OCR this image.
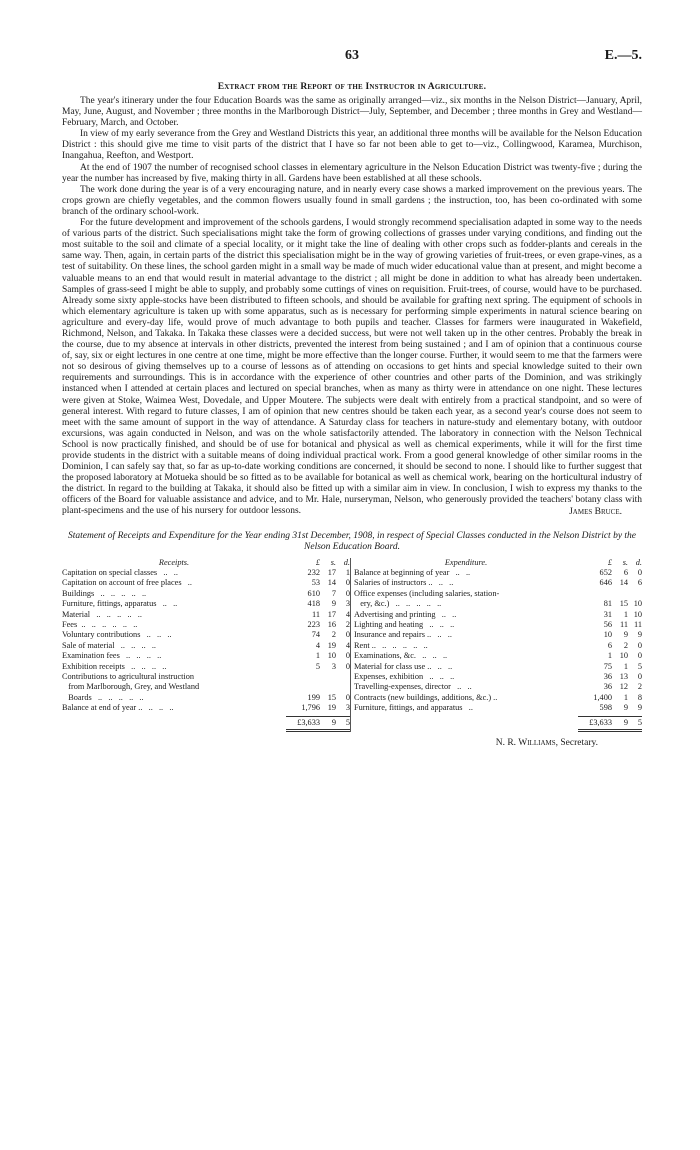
63	E.—5.
Extract from the Report of the Instructor in Agriculture.

The year's itinerary under the four Education Boards was the same as originally arranged—viz., six months in the Nelson District—January, April, May, June, August, and November ; three months in the Marlborough District—July, September, and December ; three months in Grey and Westland—February, March, and October.

In view of my early severance from the Grey and Westland Districts this year, an additional three months will be available for the Nelson Education District : this should give me time to visit parts of the district that I have so far not been able to get to—viz., Collingwood, Karamea, Murchison, Inangahua, Reefton, and Westport.

At the end of 1907 the number of recognised school classes in elementary agriculture in the Nelson Education District was twenty-five ; during the year the number has increased by five, making thirty in all. Gardens have been established at all these schools.

The work done during the year is of a very encouraging nature, and in nearly every case shows a marked improvement on the previous years. The crops grown are chiefly vegetables, and the common flowers usually found in small gardens ; the instruction, too, has been co-ordinated with some branch of the ordinary school-work.

For the future development and improvement of the schools gardens, I would strongly recommend specialisation adapted in some way to the needs of various parts of the district. Such specialisations might take the form of growing collections of grasses under varying conditions, and finding out the most suitable to the soil and climate of a special locality, or it might take the line of dealing with other crops such as fodder-plants and cereals in the same way. Then, again, in certain parts of the district this specialisation might be in the way of growing varieties of fruit-trees, or even grape-vines, as a test of suitability. On these lines, the school garden might in a small way be made of much wider educational value than at present, and might become a valuable means to an end that would result in material advantage to the district ; all might be done in addition to what has already been undertaken. Samples of grass-seed I might be able to supply, and probably some cuttings of vines on requisition. Fruit-trees, of course, would have to be purchased. Already some sixty apple-stocks have been distributed to fifteen schools, and should be available for grafting next spring. The equipment of schools in which elementary agriculture is taken up with some apparatus, such as is necessary for performing simple experiments in natural science bearing on agriculture and every-day life, would prove of much advantage to both pupils and teacher. Classes for farmers were inaugurated in Wakefield, Richmond, Nelson, and Takaka. In Takaka these classes were a decided success, but were not well taken up in the other centres. Probably the break in the course, due to my absence at intervals in other districts, prevented the interest from being sustained ; and I am of opinion that a continuous course of, say, six or eight lectures in one centre at one time, might be more effective than the longer course. Further, it would seem to me that the farmers were not so desirous of giving themselves up to a course of lessons as of attending on occasions to get hints and special knowledge suited to their own requirements and surroundings. This is in accordance with the experience of other countries and other parts of the Dominion, and was strikingly instanced when I attended at certain places and lectured on special branches, when as many as thirty were in attendance on one night. These lectures were given at Stoke, Waimea West, Dovedale, and Upper Moutere. The subjects were dealt with entirely from a practical standpoint, and so were of general interest. With regard to future classes, I am of opinion that new centres should be taken each year, as a second year's course does not seem to meet with the same amount of support in the way of attendance. A Saturday class for teachers in nature-study and elementary botany, with outdoor excursions, was again conducted in Nelson, and was on the whole satisfactorily attended. The laboratory in connection with the Nelson Technical School is now practically finished, and should be of use for botanical and physical as well as chemical experiments, while it will for the first time provide students in the district with a suitable means of doing individual practical work. From a good general knowledge of other similar rooms in the Dominion, I can safely say that, so far as up-to-date working conditions are concerned, it should be second to none. I should like to further suggest that the proposed laboratory at Motueka should be so fitted as to be available for botanical as well as chemical work, bearing on the horticultural industry of the district. In regard to the building at Takaka, it should also be fitted up with a similar aim in view. In conclusion, I wish to express my thanks to the officers of the Board for valuable assistance and advice, and to Mr. Hale, nurseryman, Nelson, who generously provided the teachers' botany class with plant-specimens and the use of his nursery for outdoor lessons.	James Bruce.
Statement of Receipts and Expenditure for the Year ending 31st December, 1908, in respect of Special Classes conducted in the Nelson District by the Nelson Education Board.
Receipts.	£	s. d.
Capitation on special classes   ..   ..	232 17	1
Capitation on account of free places   ..	53 14	0
Buildings   ..   ..   ..   ..   ..	610	7	0
Furniture, fittings, apparatus   ..   ..	418	9	3
Material   ..   ..   ..   ..   ..	11 17	4
Fees  ..   ..   ..   ..   ..   ..	223 16	2
Voluntary contributions   ..   ..   ..	74	2	0
Sale of material   ..   ..   ..   ..	4 19	4
Examination fees   ..   ..   ..   ..	1 10	0
Exhibition receipts   ..   ..   ..   ..	5	3	0
Contributions to agricultural instruction
from Marlborough, Grey, and Westland
Boards   ..   ..   ..   ..   ..	199 15	0
Balance at end of year ..   ..   ..   ..	1,796 19	3
£3,633	9	5
Expenditure.	£	s. d.
Balance at beginning of year   ..   ..	652	6	0
Salaries of instructors ..   ..   ..	646 14	6
Office expenses (including salaries, station-
ery, &c.)   ..   ..   ..   ..   ..	81 15 10
Advertising and printing   ..   ..	31	1 10
Lighting and heating   ..   ..   ..	56 11 11
Insurance and repairs ..   ..   ..	10	9	9
Rent ..   ..   ..   ..   ..   ..	6	2	0
Examinations, &c.   ..   ..   ..	1 10	0
Material for class use ..   ..   ..	75	1	5
Expenses, exhibition   ..   ..   ..	36 13	0
Travelling-expenses, director   ..   ..	36 12	2
Contracts (new buildings, additions, &c.) ..	1,400	1	8
Furniture, fittings, and apparatus   ..	598	9	9
£3,633	9	5
N. R. Williams, Secretary.
